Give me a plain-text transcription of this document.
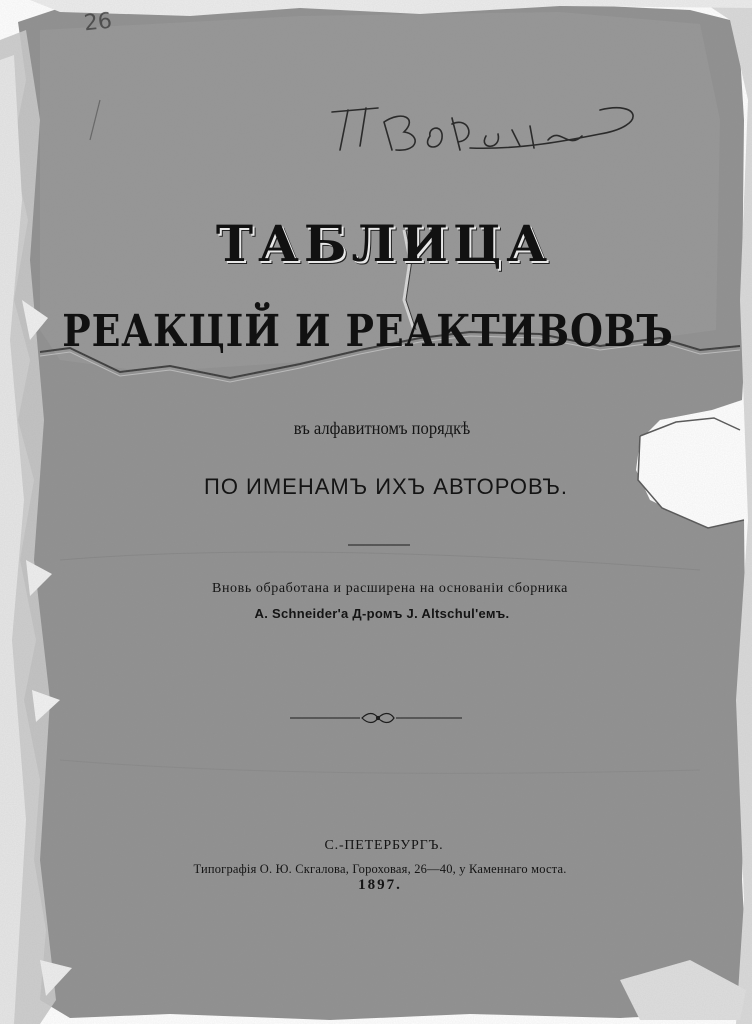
26
ТАБЛИЦА
РЕАКЦІЙ И РЕАКТИВОВЪ
въ алфавитномъ порядкѣ
ПО ИМЕНАМЪ ИХЪ АВТОРОВЪ.
Вновь обработана и расширена на основаніи сборника
A. Schneider'a Д-ромъ J. Altschul'емъ.
С.-ПЕТЕРБУРГЪ.
Типографія О. Ю. Скгалова, Гороховая, 26—40, у Каменнаго моста.
1897.
